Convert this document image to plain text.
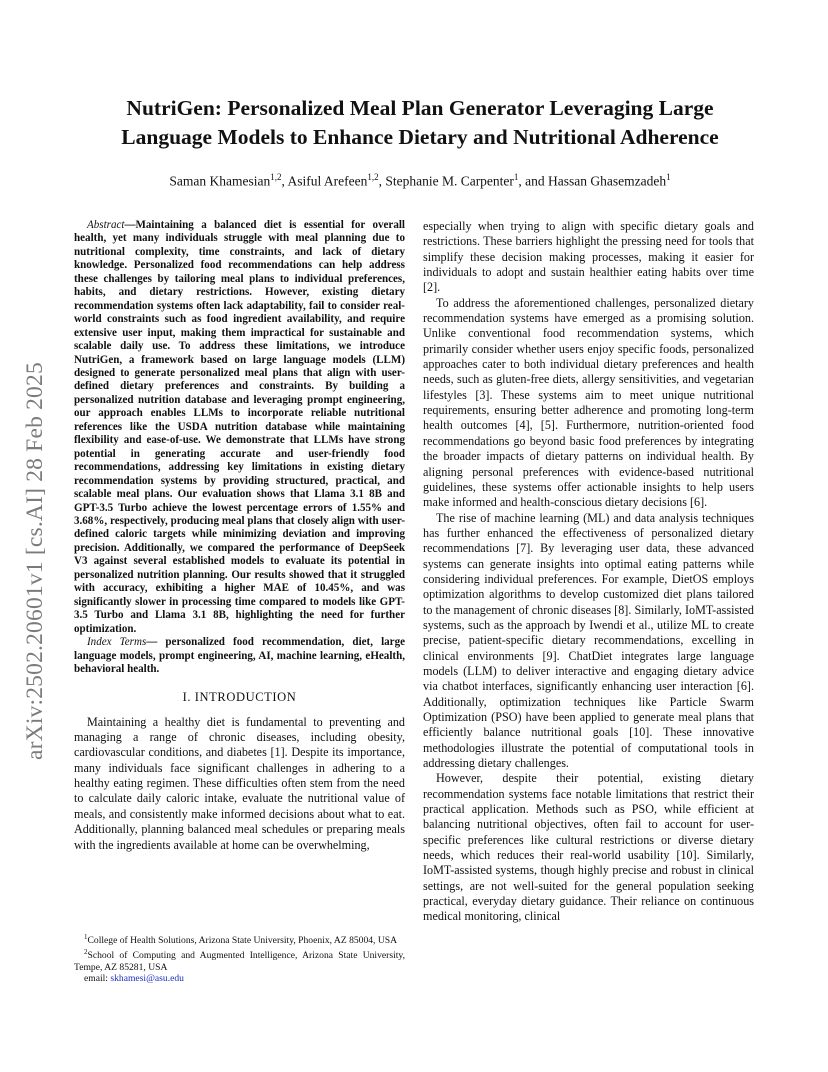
arXiv:2502.20601v1 [cs.AI] 28 Feb 2025
NutriGen: Personalized Meal Plan Generator Leveraging Large
Language Models to Enhance Dietary and Nutritional Adherence

Saman Khamesian$^{1,2}$, Asiful Arefeen$^{1,2}$, Stephanie M. Carpenter$^1$, and Hassan Ghasemzadeh$^1$

Abstract—Maintaining a balanced diet is essential for overall health, yet many individuals struggle with meal planning due to nutritional complexity, time constraints, and lack of dietary knowledge. Personalized food recommendations can help address these challenges by tailoring meal plans to individual preferences, habits, and dietary restrictions. However, existing dietary recommendation systems often lack adaptability, fail to consider real-world constraints such as food ingredient availability, and require extensive user input, making them impractical for sustainable and scalable daily use. To address these limitations, we introduce NutriGen, a framework based on large language models (LLM) designed to generate personalized meal plans that align with user-defined dietary preferences and constraints. By building a personalized nutrition database and leveraging prompt engineering, our approach enables LLMs to incorporate reliable nutritional references like the USDA nutrition database while maintaining flexibility and ease-of-use. We demonstrate that LLMs have strong potential in generating accurate and user-friendly food recommendations, addressing key limitations in existing dietary recommendation systems by providing structured, practical, and scalable meal plans. Our evaluation shows that Llama 3.1 8B and GPT-3.5 Turbo achieve the lowest percentage errors of 1.55% and 3.68%, respectively, producing meal plans that closely align with user-defined caloric targets while minimizing deviation and improving precision. Additionally, we compared the performance of DeepSeek V3 against several established models to evaluate its potential in personalized nutrition planning. Our results showed that it struggled with accuracy, exhibiting a higher MAE of 10.45%, and was significantly slower in processing time compared to models like GPT-3.5 Turbo and Llama 3.1 8B, highlighting the need for further optimization.

Index Terms— personalized food recommendation, diet, large language models, prompt engineering, AI, machine learning, eHealth, behavioral health.

I. INTRODUCTION

Maintaining a healthy diet is fundamental to preventing and managing a range of chronic diseases, including obesity, cardiovascular conditions, and diabetes [1]. Despite its importance, many individuals face significant challenges in adhering to a healthy eating regimen. These difficulties often stem from the need to calculate daily caloric intake, evaluate the nutritional value of meals, and consistently make informed decisions about what to eat. Additionally, planning balanced meal schedules or preparing meals with the ingredients available at home can be overwhelming,

especially when trying to align with specific dietary goals and restrictions. These barriers highlight the pressing need for tools that simplify these decision making processes, making it easier for individuals to adopt and sustain healthier eating habits over time [2].

To address the aforementioned challenges, personalized dietary recommendation systems have emerged as a promising solution. Unlike conventional food recommendation systems, which primarily consider whether users enjoy specific foods, personalized approaches cater to both individual dietary preferences and health needs, such as gluten-free diets, allergy sensitivities, and vegetarian lifestyles [3]. These systems aim to meet unique nutritional requirements, ensuring better adherence and promoting long-term health outcomes [4], [5]. Furthermore, nutrition-oriented food recommendations go beyond basic food preferences by integrating the broader impacts of dietary patterns on individual health. By aligning personal preferences with evidence-based nutritional guidelines, these systems offer actionable insights to help users make informed and health-conscious dietary decisions [6].

The rise of machine learning (ML) and data analysis techniques has further enhanced the effectiveness of personalized dietary recommendations [7]. By leveraging user data, these advanced systems can generate insights into optimal eating patterns while considering individual preferences. For example, DietOS employs optimization algorithms to develop customized diet plans tailored to the management of chronic diseases [8]. Similarly, IoMT-assisted systems, such as the approach by Iwendi et al., utilize ML to create precise, patient-specific dietary recommendations, excelling in clinical environments [9]. ChatDiet integrates large language models (LLM) to deliver interactive and engaging dietary advice via chatbot interfaces, significantly enhancing user interaction [6]. Additionally, optimization techniques like Particle Swarm Optimization (PSO) have been applied to generate meal plans that efficiently balance nutritional goals [10]. These innovative methodologies illustrate the potential of computational tools in addressing dietary challenges.

However, despite their potential, existing dietary recommendation systems face notable limitations that restrict their practical application. Methods such as PSO, while efficient at balancing nutritional objectives, often fail to account for user-specific preferences like cultural restrictions or diverse dietary needs, which reduces their real-world usability [10]. Similarly, IoMT-assisted systems, though highly precise and robust in clinical settings, are not well-suited for the general population seeking practical, everyday dietary guidance. Their reliance on continuous medical monitoring, clinical

$^1$College of Health Solutions, Arizona State University, Phoenix, AZ 85004, USA

$^2$School of Computing and Augmented Intelligence, Arizona State University, Tempe, AZ 85281, USA

email: skhamesi@asu.edu
